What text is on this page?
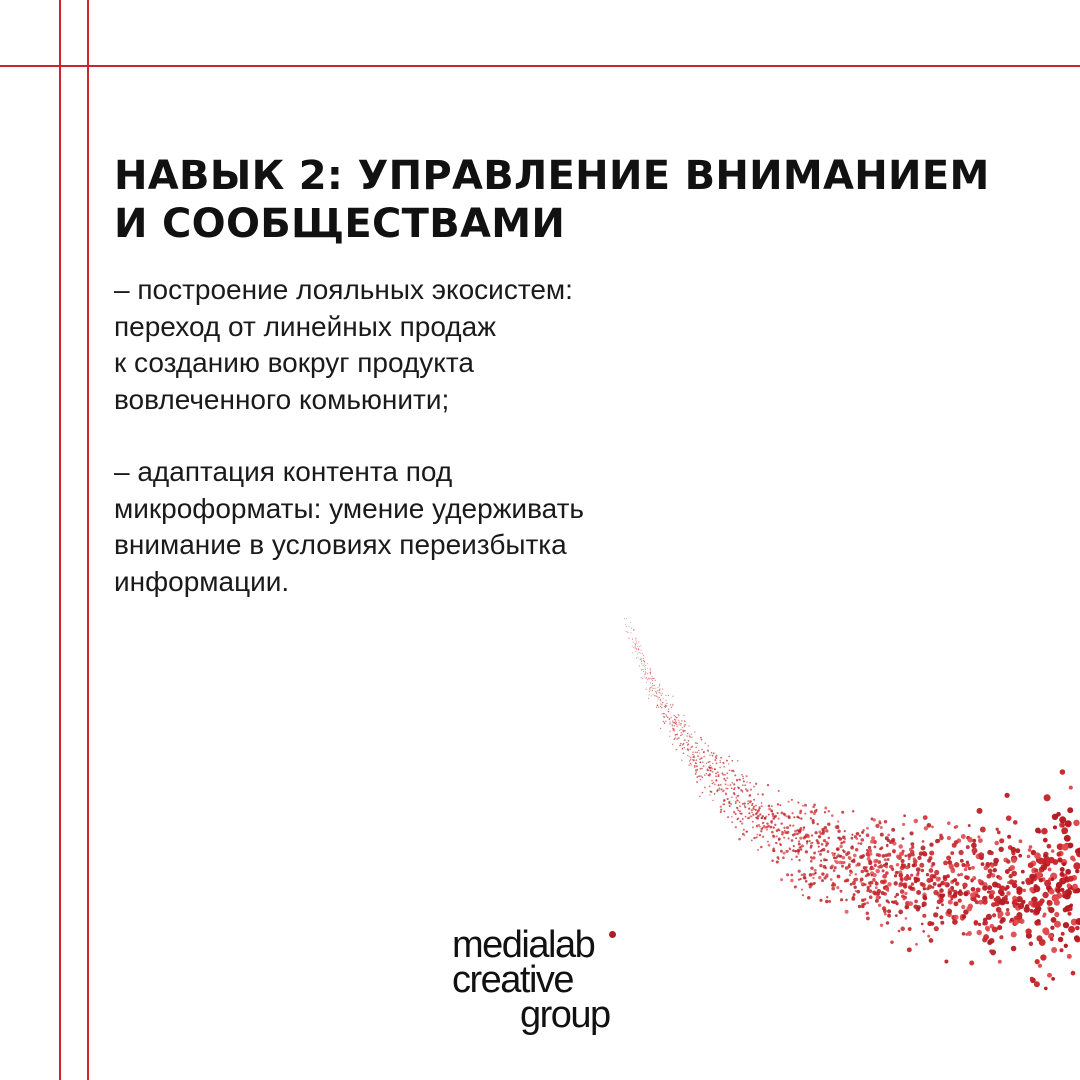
НАВЫК 2: УПРАВЛЕНИЕ ВНИМАНИЕМ
И СООБЩЕСТВАМИ
– построение лояльных экосистем:
переход от линейных продаж
к созданию вокруг продукта
вовлеченного комьюнити;
– адаптация контента под
микроформаты: умение удерживать
внимание в условиях переизбытка
информации.
medialab
creative
group
